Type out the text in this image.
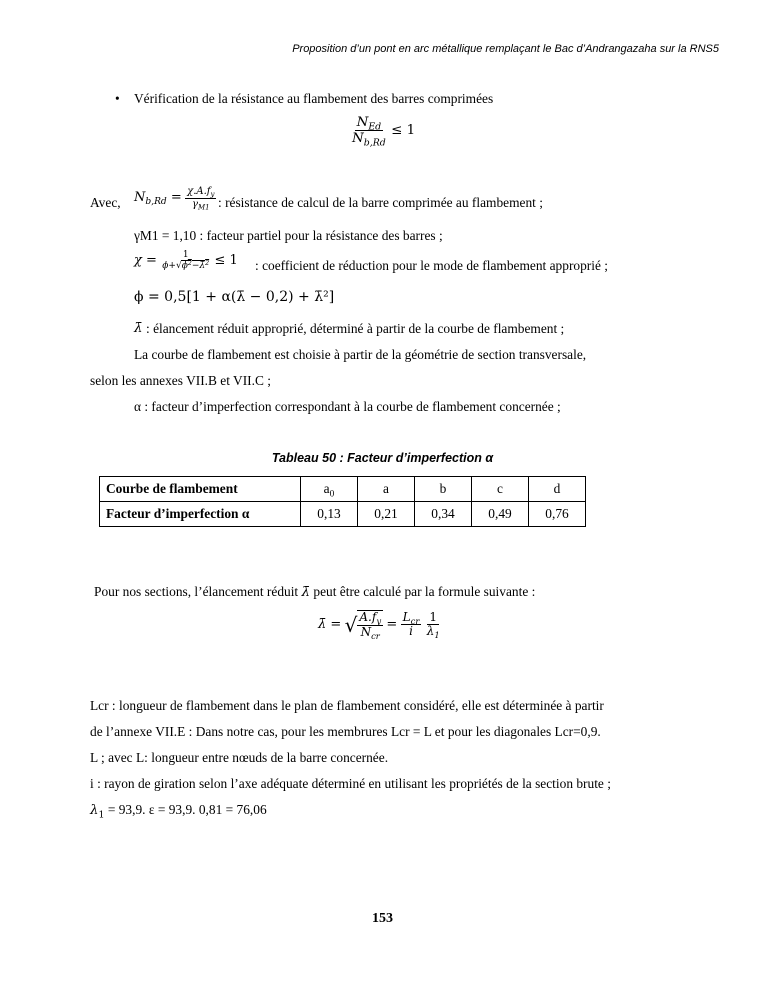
Proposition d’un pont en arc métallique remplaçant le Bac d’Andrangazaha sur la RNS5
• Vérification de la résistance au flambement des barres comprimées
$\frac{N_{Ed}}{N_{b,Rd}} \le 1$
Avec, $N_{b,Rd} = \frac{\chi.A.f_y}{\gamma_{M1}}$ : résistance de calcul de la barre comprimée au flambement ;
γM1 = 1,10 : facteur partiel pour la résistance des barres ;
$\chi = \frac{1}{\phi+√\phi^2-\lambdā^2} \le 1$ : coefficient de réduction pour le mode de flambement approprié ;
ϕ = 0,5[1 + α(λ̄ − 0,2) + λ̄²]
λ̄ : élancement réduit approprié, déterminé à partir de la courbe de flambement ;
La courbe de flambement est choisie à partir de la géométrie de section transversale,
selon les annexes VII.B et VII.C ;
α : facteur d’imperfection correspondant à la courbe de flambement concernée ;
Tableau 50 : Facteur d’imperfection α
Courbe de flambement	$a_0$	a	b	c	d
Facteur d’imperfection α	0,13	0,21	0,34	0,49	0,76
Pour nos sections, l’élancement réduit λ̄ peut être calculé par la formule suivante :
λ̄ = √ $\frac{A.f_y}{N_{cr}} = \frac{L_{cr}}{i}$
$\frac{1}{\lambda_1}$
Lcr : longueur de flambement dans le plan de flambement considéré, elle est déterminée à partir
de l’annexe VII.E : Dans notre cas, pour les membrures Lcr = L et pour les diagonales Lcr=0,9.
L ; avec L: longueur entre nœuds de la barre concernée.
i : rayon de giration selon l’axe adéquate déterminé en utilisant les propriétés de la section brute ;
$\lambda_1 = 93,9$. ε = 93,9. 0,81 = 76,06
153
